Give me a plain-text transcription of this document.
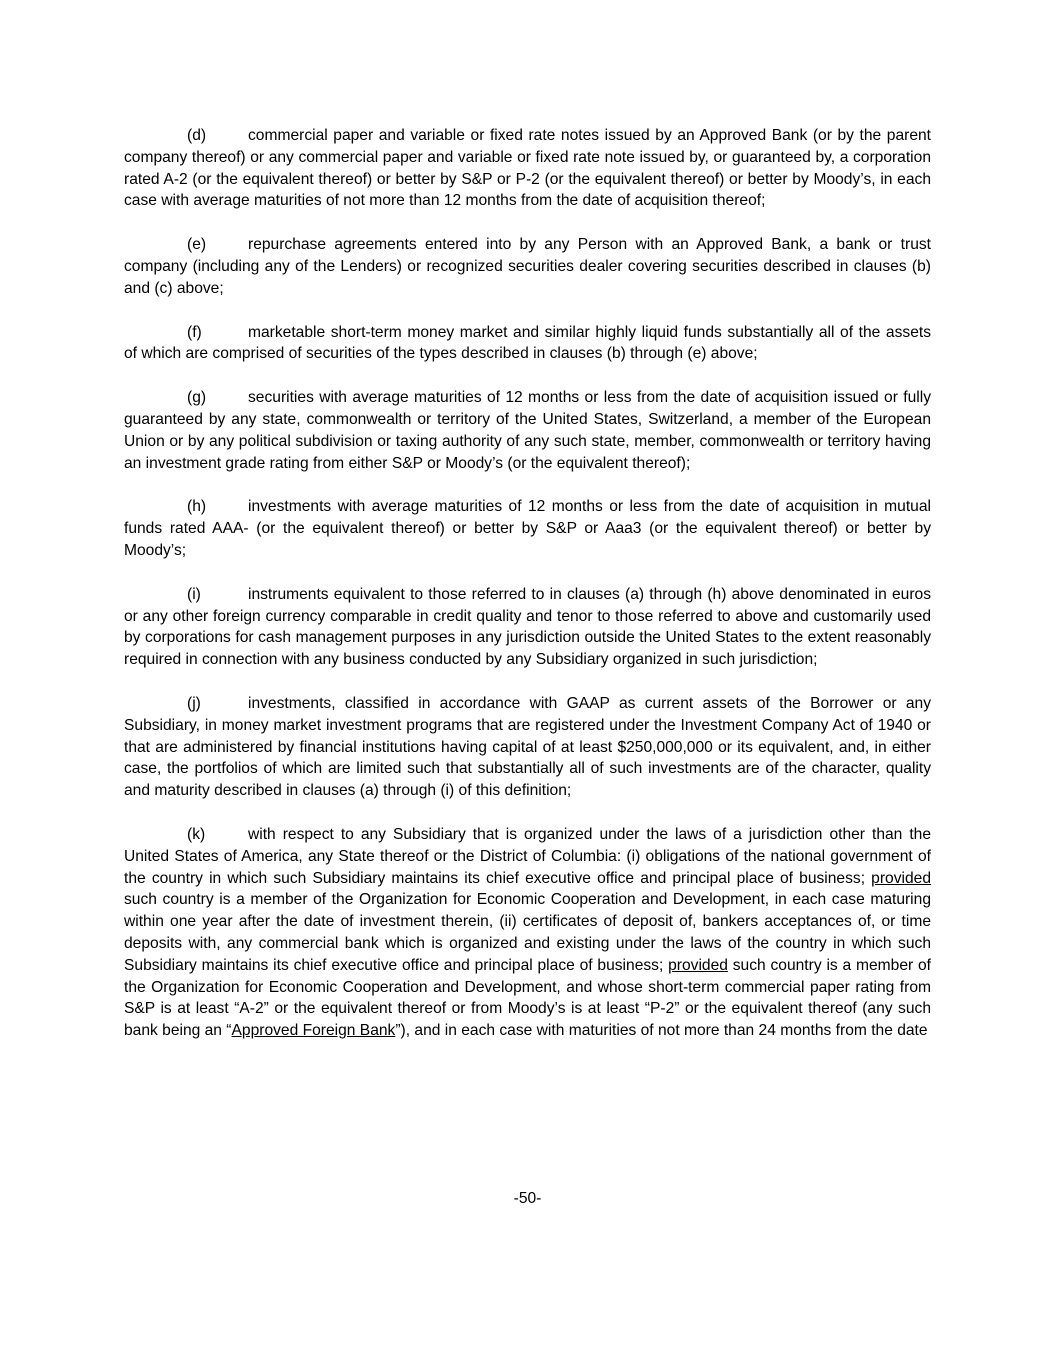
(d)	commercial paper and variable or fixed rate notes issued by an Approved Bank (or by the parent company thereof) or any commercial paper and variable or fixed rate note issued by, or guaranteed by, a corporation rated A-2 (or the equivalent thereof) or better by S&P or P-2 (or the equivalent thereof) or better by Moody’s, in each case with average maturities of not more than 12 months from the date of acquisition thereof;

(e)	repurchase agreements entered into by any Person with an Approved Bank, a bank or trust company (including any of the Lenders) or recognized securities dealer covering securities described in clauses (b) and (c) above;

(f)	marketable short-term money market and similar highly liquid funds substantially all of the assets of which are comprised of securities of the types described in clauses (b) through (e) above;

(g)	securities with average maturities of 12 months or less from the date of acquisition issued or fully guaranteed by any state, commonwealth or territory of the United States, Switzerland, a member of the European Union or by any political subdivision or taxing authority of any such state, member, commonwealth or territory having an investment grade rating from either S&P or Moody’s (or the equivalent thereof);

(h)	investments with average maturities of 12 months or less from the date of acquisition in mutual funds rated AAA- (or the equivalent thereof) or better by S&P or Aaa3 (or the equivalent thereof) or better by Moody’s;

(i)	instruments equivalent to those referred to in clauses (a) through (h) above denominated in euros or any other foreign currency comparable in credit quality and tenor to those referred to above and customarily used by corporations for cash management purposes in any jurisdiction outside the United States to the extent reasonably required in connection with any business conducted by any Subsidiary organized in such jurisdiction;

(j)	investments, classified in accordance with GAAP as current assets of the Borrower or any Subsidiary, in money market investment programs that are registered under the Investment Company Act of 1940 or that are administered by financial institutions having capital of at least $250,000,000 or its equivalent, and, in either case, the portfolios of which are limited such that substantially all of such investments are of the character, quality and maturity described in clauses (a) through (i) of this definition;

(k)	with respect to any Subsidiary that is organized under the laws of a jurisdiction other than the United States of America, any State thereof or the District of Columbia: (i) obligations of the national government of the country in which such Subsidiary maintains its chief executive office and principal place of business; provided such country is a member of the Organization for Economic Cooperation and Development, in each case maturing within one year after the date of investment therein, (ii) certificates of deposit of, bankers acceptances of, or time deposits with, any commercial bank which is organized and existing under the laws of the country in which such Subsidiary maintains its chief executive office and principal place of business; provided such country is a member of the Organization for Economic Cooperation and Development, and whose short-term commercial paper rating from S&P is at least “A-2” or the equivalent thereof or from Moody’s is at least “P-2” or the equivalent thereof (any such bank being an “Approved Foreign Bank”), and in each case with maturities of not more than 24 months from the date

-50-
